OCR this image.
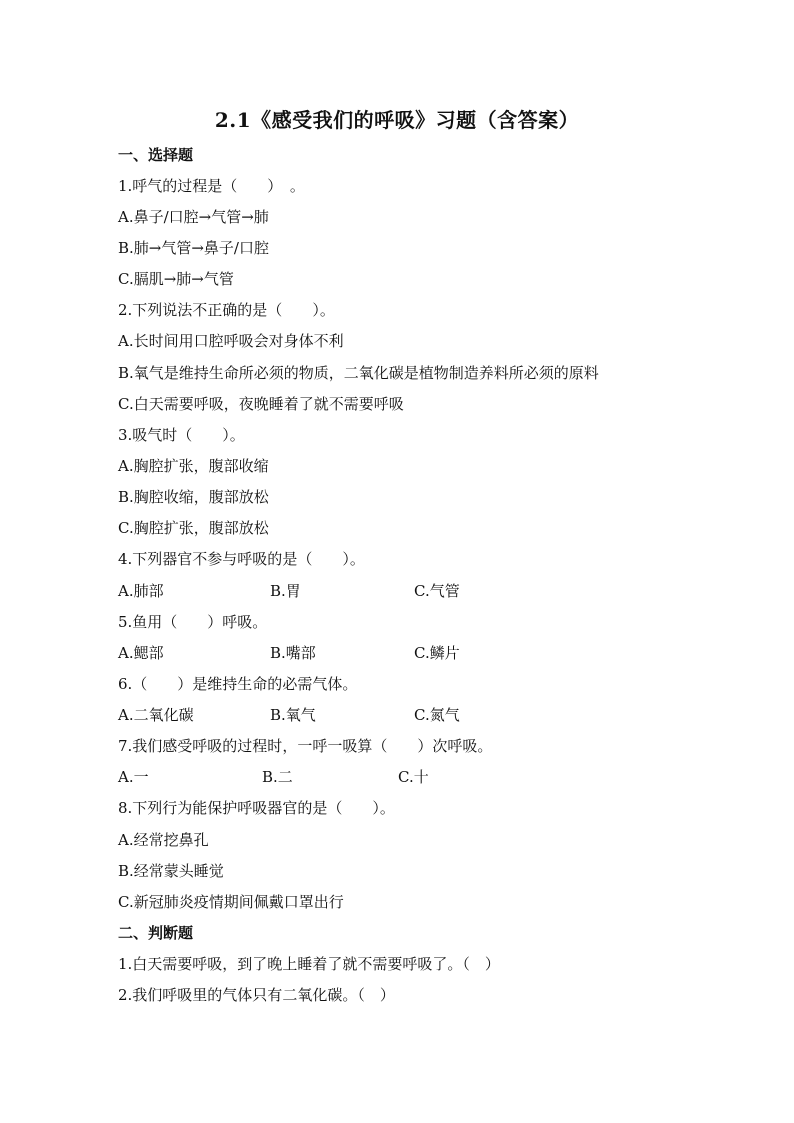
2.1《感受我们的呼吸》习题（含答案）
一、选择题
1.呼气的过程是（　　）　。
A.鼻子/口腔→气管→肺
B.肺→气管→鼻子/口腔
C.膈肌→肺→气管
2.下列说法不正确的是（　　）。
A.长时间用口腔呼吸会对身体不利
B.氧气是维持生命所必须的物质，二氧化碳是植物制造养料所必须的原料
C.白天需要呼吸，夜晚睡着了就不需要呼吸
3.吸气时（　　）。
A.胸腔扩张，腹部收缩
B.胸腔收缩，腹部放松
C.胸腔扩张，腹部放松
4.下列器官不参与呼吸的是（　　）。
A.肺部	B.胃	C.气管
5.鱼用（　　）呼吸。
A.鳃部	B.嘴部	C.鳞片
6.（　　）是维持生命的必需气体。
A.二氧化碳	B.氧气	C.氮气
7.我们感受呼吸的过程时，一呼一吸算（　　）次呼吸。
A.一	B.二	C.十
8.下列行为能保护呼吸器官的是（　　）。
A.经常挖鼻孔
B.经常蒙头睡觉
C.新冠肺炎疫情期间佩戴口罩出行
二、判断题
1.白天需要呼吸，到了晚上睡着了就不需要呼吸了。（　）
2.我们呼吸里的气体只有二氧化碳。（　）
